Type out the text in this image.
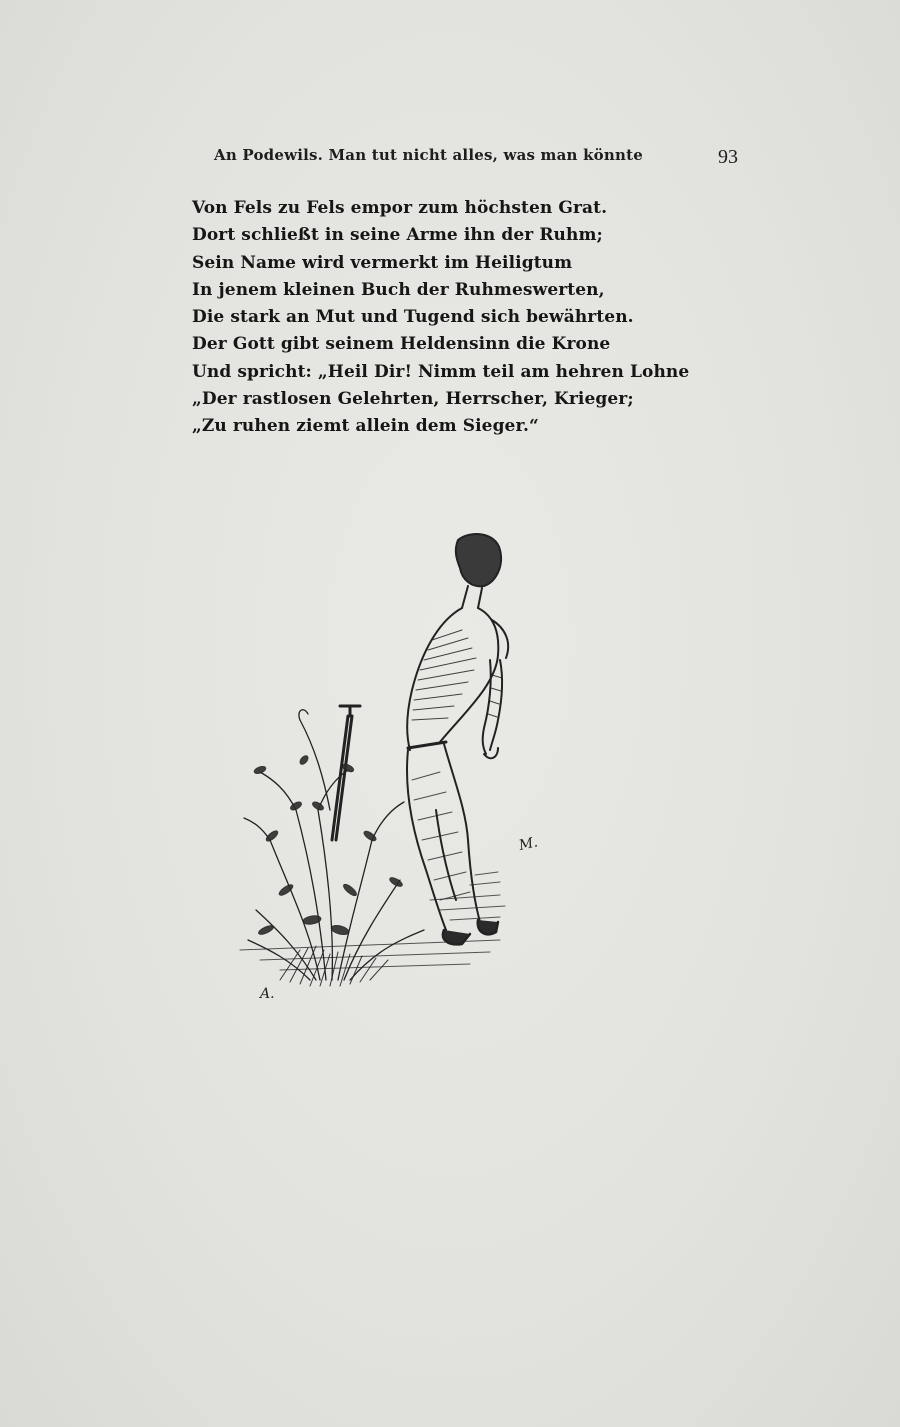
An Podewils. Man tut nicht alles, was man könnte	93
Von Fels zu Fels empor zum höchsten Grat.
Dort schließt in seine Arme ihn der Ruhm;
Sein Name wird vermerkt im Heiligtum
In jenem kleinen Buch der Ruhmeswerten,
Die stark an Mut und Tugend sich bewährten.
Der Gott gibt seinem Heldensinn die Krone
Und spricht: „Heil Dir! Nimm teil am hehren Lohne
„Der rastlosen Gelehrten, Herrscher, Krieger;
„Zu ruhen ziemt allein dem Sieger.“
A.
M.
